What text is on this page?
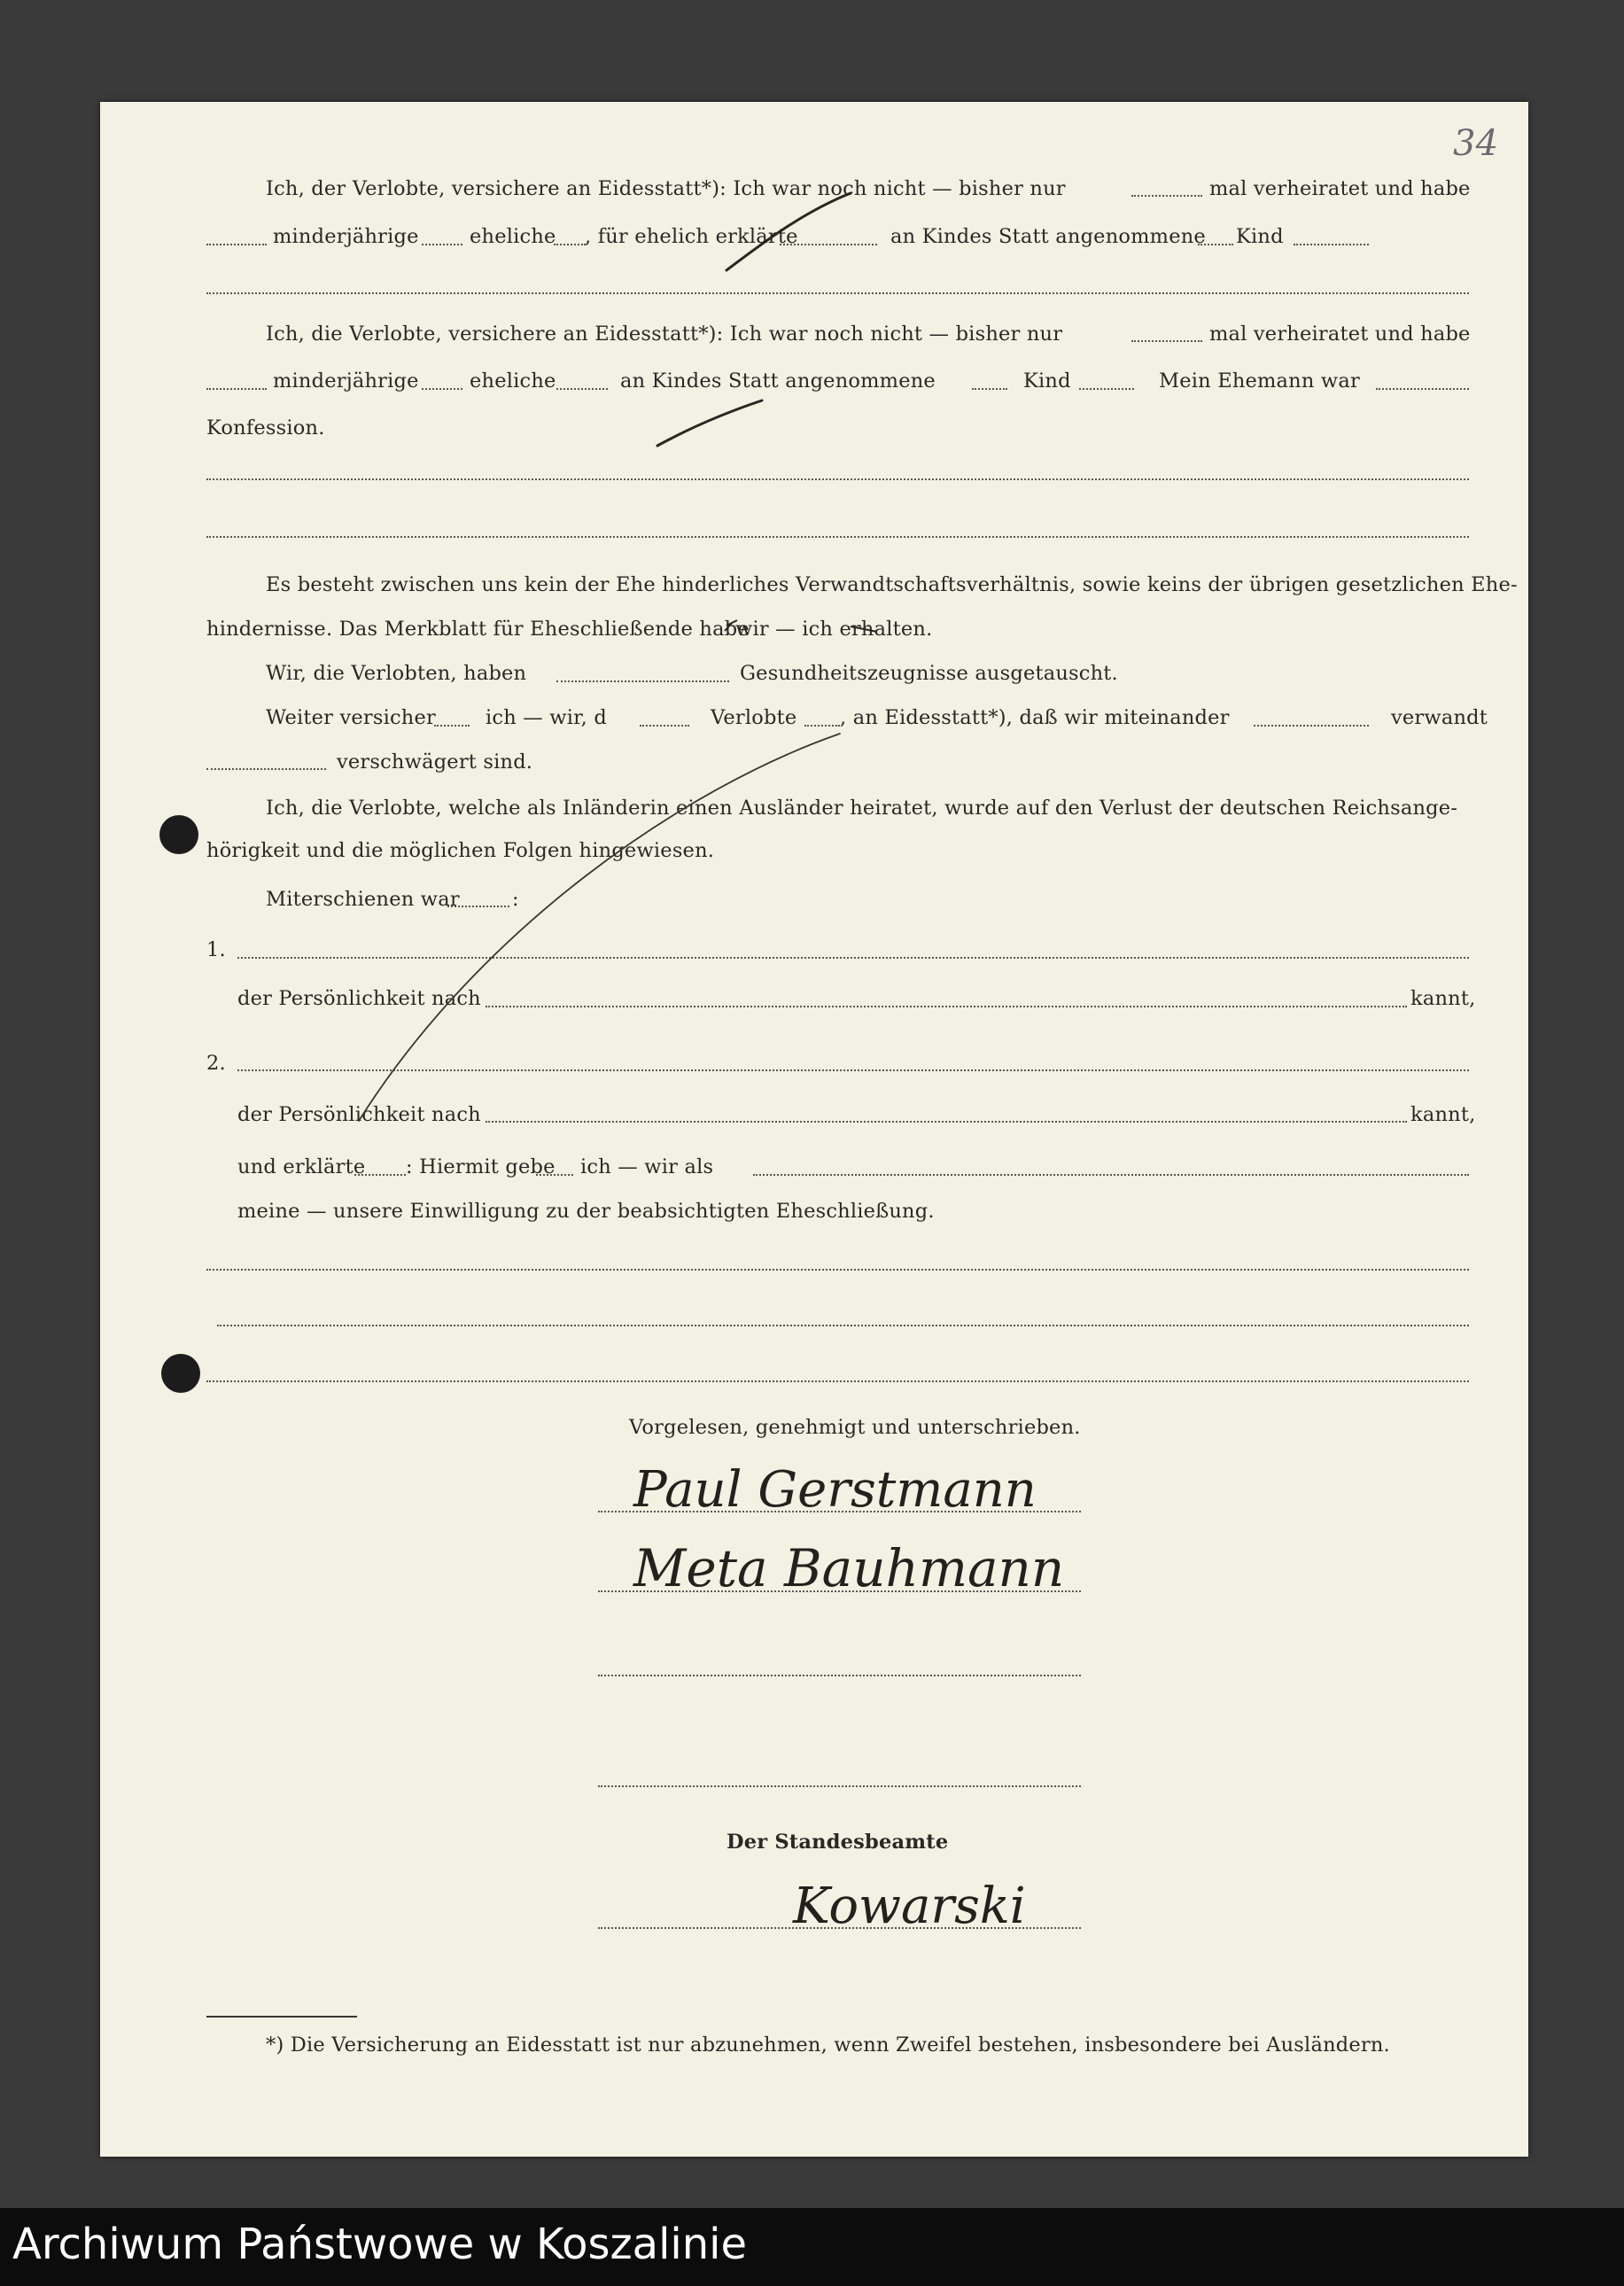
34
Ich, der Verlobte, versichere an Eidesstatt*): Ich war noch nicht — bisher nur	mal verheiratet und habe
minderjährige	eheliche , für ehelich erklärte	an Kindes Statt angenommene Kind
Ich, die Verlobte, versichere an Eidesstatt*): Ich war noch nicht — bisher nur	mal verheiratet und habe
minderjährige	eheliche	an Kindes Statt angenommene	Kind	Mein Ehemann war
Konfession.
Es besteht zwischen uns kein der Ehe hinderliches Verwandtschaftsverhältnis, sowie keins der übrigen gesetzlichen Ehe-
hindernisse. Das Merkblatt für Eheschließende habe
wir — ich erhalten.
Wir, die Verlobten, haben	Gesundheitszeugnisse ausgetauscht.
Weiter versicher ich — wir, d	Verlobte , an Eidesstatt*), daß wir miteinander	verwandt
verschwägert sind.
Ich, die Verlobte, welche als Inländerin einen Ausländer heiratet, wurde auf den Verlust der deutschen Reichsange-
hörigkeit und die möglichen Folgen hingewiesen.
Miterschienen war	:
1.
der Persönlichkeit nach	kannt,
2.
der Persönlichkeit nach	kannt,
und erklärte : Hiermit gebe ich — wir als
meine — unsere Einwilligung zu der beabsichtigten Eheschließung.
Vorgelesen, genehmigt und unterschrieben.
Der Standesbeamte
*) Die Versicherung an Eidesstatt ist nur abzunehmen, wenn Zweifel bestehen, insbesondere bei Ausländern.
Paul Gerstmann
Meta Bauhmann
Kowarski
Archiwum Państwowe w Koszalinie
